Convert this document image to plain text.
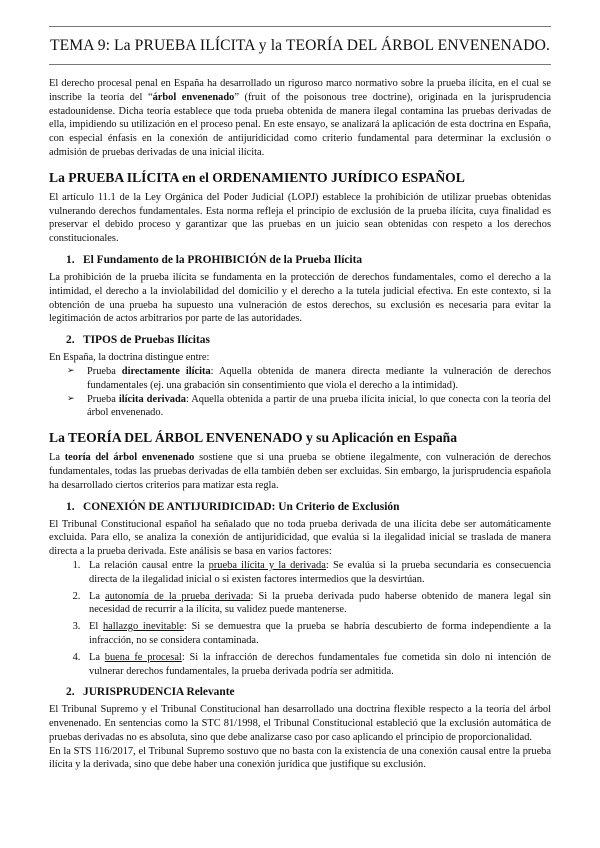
TEMA 9: La PRUEBA ILÍCITA y la TEORÍA DEL ÁRBOL ENVENENADO.

El derecho procesal penal en España ha desarrollado un riguroso marco normativo sobre la prueba ilícita, en el cual se inscribe la teoría del “árbol envenenado” (fruit of the poisonous tree doctrine), originada en la jurisprudencia estadounidense. Dicha teoría establece que toda prueba obtenida de manera ilegal contamina las pruebas derivadas de ella, impidiendo su utilización en el proceso penal. En este ensayo, se analizará la aplicación de esta doctrina en España, con especial énfasis en la conexión de antijuridicidad como criterio fundamental para determinar la exclusión o admisión de pruebas derivadas de una inicial ilícita.

La PRUEBA ILÍCITA en el ORDENAMIENTO JURÍDICO ESPAÑOL

El artículo 11.1 de la Ley Orgánica del Poder Judicial (LOPJ) establece la prohibición de utilizar pruebas obtenidas vulnerando derechos fundamentales. Esta norma refleja el principio de exclusión de la prueba ilícita, cuya finalidad es preservar el debido proceso y garantizar que las pruebas en un juicio sean obtenidas con respeto a los derechos constitucionales.

1. El Fundamento de la PROHIBICIÓN de la Prueba Ilícita

La prohibición de la prueba ilícita se fundamenta en la protección de derechos fundamentales, como el derecho a la intimidad, el derecho a la inviolabilidad del domicilio y el derecho a la tutela judicial efectiva. En este contexto, si la obtención de una prueba ha supuesto una vulneración de estos derechos, su exclusión es necesaria para evitar la legitimación de actos arbitrarios por parte de las autoridades.

2. TIPOS de Pruebas Ilícitas

En España, la doctrina distingue entre:

➢ Prueba directamente ilícita: Aquella obtenida de manera directa mediante la vulneración de derechos fundamentales (ej. una grabación sin consentimiento que viola el derecho a la intimidad).
➢ Prueba ilícita derivada: Aquella obtenida a partir de una prueba ilícita inicial, lo que conecta con la teoría del árbol envenenado.
La TEORÍA DEL ÁRBOL ENVENENADO y su Aplicación en España

La teoría del árbol envenenado sostiene que si una prueba se obtiene ilegalmente, con vulneración de derechos fundamentales, todas las pruebas derivadas de ella también deben ser excluidas. Sin embargo, la jurisprudencia española ha desarrollado ciertos criterios para matizar esta regla.

1. CONEXIÓN DE ANTIJURIDICIDAD: Un Criterio de Exclusión

El Tribunal Constitucional español ha señalado que no toda prueba derivada de una ilícita debe ser automáticamente excluida. Para ello, se analiza la conexión de antijuridicidad, que evalúa si la ilegalidad inicial se traslada de manera directa a la prueba derivada. Este análisis se basa en varios factores:

1. La relación causal entre la prueba ilícita y la derivada: Se evalúa si la prueba secundaria es consecuencia directa de la ilegalidad inicial o si existen factores intermedios que la desvirtúan.
2. La autonomía de la prueba derivada: Si la prueba derivada pudo haberse obtenido de manera legal sin necesidad de recurrir a la ilícita, su validez puede mantenerse.
3. El hallazgo inevitable: Si se demuestra que la prueba se habría descubierto de forma independiente a la infracción, no se considera contaminada.
4. La buena fe procesal: Si la infracción de derechos fundamentales fue cometida sin dolo ni intención de vulnerar derechos fundamentales, la prueba derivada podría ser admitida.
2. JURISPRUDENCIA Relevante

El Tribunal Supremo y el Tribunal Constitucional han desarrollado una doctrina flexible respecto a la teoría del árbol envenenado. En sentencias como la STC 81/1998, el Tribunal Constitucional estableció que la exclusión automática de pruebas derivadas no es absoluta, sino que debe analizarse caso por caso aplicando el principio de proporcionalidad.

En la STS 116/2017, el Tribunal Supremo sostuvo que no basta con la existencia de una conexión causal entre la prueba ilícita y la derivada, sino que debe haber una conexión jurídica que justifique su exclusión.
